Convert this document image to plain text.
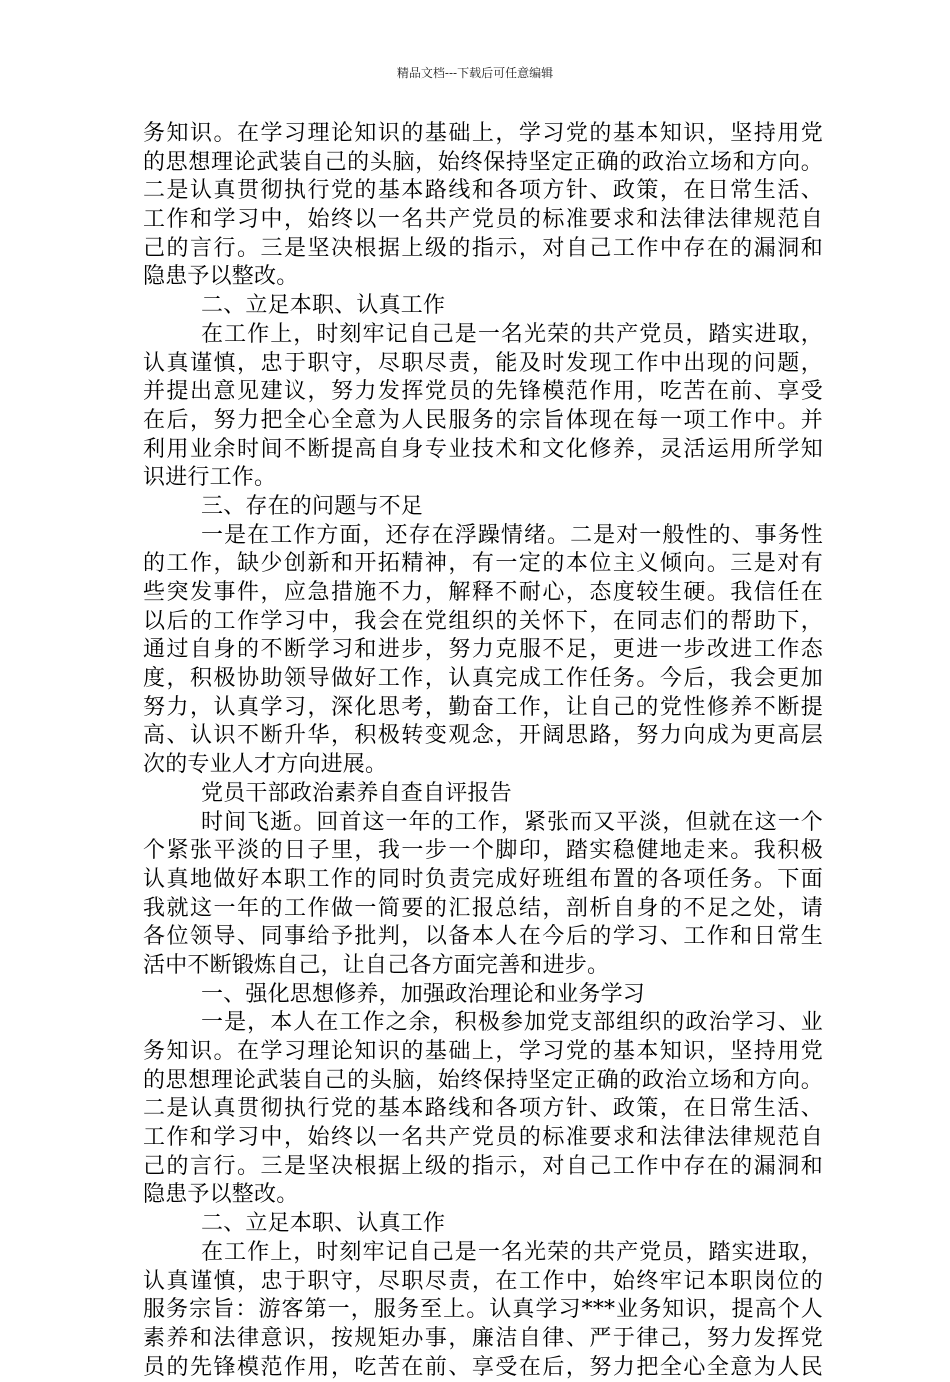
精品文档---下载后可任意编辑
务知识。在学习理论知识的基础上，学习党的基本知识，坚持用党
的思想理论武装自己的头脑，始终保持坚定正确的政治立场和方向。
二是认真贯彻执行党的基本路线和各项方针、政策，在日常生活、
工作和学习中，始终以一名共产党员的标准要求和法律法律规范自
己的言行。三是坚决根据上级的指示，对自己工作中存在的漏洞和
隐患予以整改。
二、立足本职、认真工作
在工作上，时刻牢记自己是一名光荣的共产党员，踏实进取，
认真谨慎，忠于职守，尽职尽责，能及时发现工作中出现的问题，
并提出意见建议，努力发挥党员的先锋模范作用，吃苦在前、享受
在后，努力把全心全意为人民服务的宗旨体现在每一项工作中。并
利用业余时间不断提高自身专业技术和文化修养，灵活运用所学知
识进行工作。
三、存在的问题与不足
一是在工作方面，还存在浮躁情绪。二是对一般性的、事务性
的工作，缺少创新和开拓精神，有一定的本位主义倾向。三是对有
些突发事件，应急措施不力，解释不耐心，态度较生硬。我信任在
以后的工作学习中，我会在党组织的关怀下，在同志们的帮助下，
通过自身的不断学习和进步，努力克服不足，更进一步改进工作态
度，积极协助领导做好工作，认真完成工作任务。今后，我会更加
努力，认真学习，深化思考，勤奋工作，让自己的党性修养不断提
高、认识不断升华，积极转变观念，开阔思路，努力向成为更高层
次的专业人才方向进展。
党员干部政治素养自查自评报告
时间飞逝。回首这一年的工作，紧张而又平淡，但就在这一个
个紧张平淡的日子里，我一步一个脚印，踏实稳健地走来。我积极
认真地做好本职工作的同时负责完成好班组布置的各项任务。下面
我就这一年的工作做一简要的汇报总结，剖析自身的不足之处，请
各位领导、同事给予批判，以备本人在今后的学习、工作和日常生
活中不断锻炼自己，让自己各方面完善和进步。
一、强化思想修养，加强政治理论和业务学习
一是，本人在工作之余，积极参加党支部组织的政治学习、业
务知识。在学习理论知识的基础上，学习党的基本知识，坚持用党
的思想理论武装自己的头脑，始终保持坚定正确的政治立场和方向。
二是认真贯彻执行党的基本路线和各项方针、政策，在日常生活、
工作和学习中，始终以一名共产党员的标准要求和法律法律规范自
己的言行。三是坚决根据上级的指示，对自己工作中存在的漏洞和
隐患予以整改。
二、立足本职、认真工作
在工作上，时刻牢记自己是一名光荣的共产党员，踏实进取，
认真谨慎，忠于职守，尽职尽责，在工作中，始终牢记本职岗位的
服务宗旨：游客第一，服务至上。认真学习***业务知识，提高个人
素养和法律意识，按规矩办事，廉洁自律、严于律己，努力发挥党
员的先锋模范作用，吃苦在前、享受在后，努力把全心全意为人民
